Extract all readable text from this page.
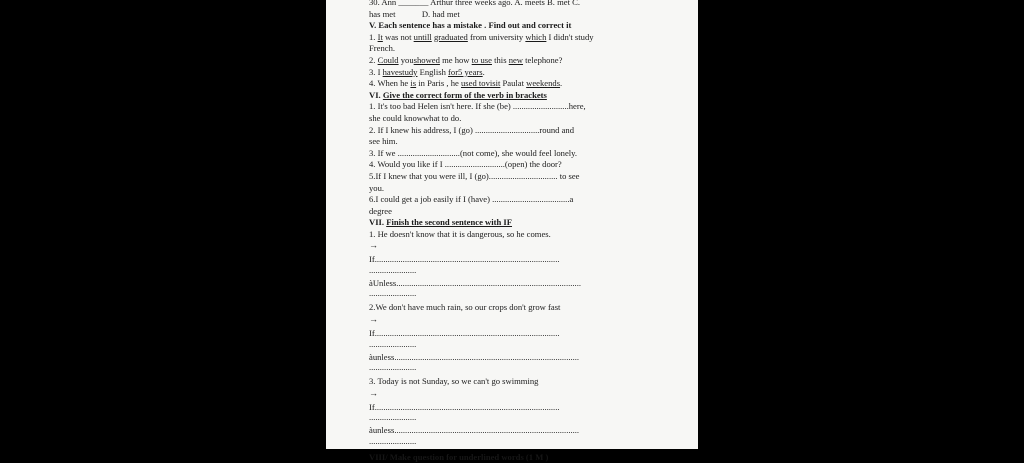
30. Ann _______ Arthur three weeks ago. A. meets B. met C.
has met	D. had met
V. Each sentence has a mistake . Find out and correct it
1. It was not untill graduated from university which I didn't study
French.
2. Could youshowed me how to use this new telephone?
3. I havestudy English for5 years.
4. When he is in Paris , he used tovisit Paulat weekends.
VI. Give the correct form of the verb in brackets
1. It's too bad Helen isn't here. If she (be) ..........................here,
she could knowwhat to do.
2. If I knew his address, I (go) ..............................round and
see him.
3. If we .............................(not come), she would feel lonely.
4. Would you like if I ............................(open) the door?
5.If I knew that you were ill, I (go)................................ to see
you.
6.I could get a job easily if I (have) ....................................a
degree
VII. Finish the second sentence with IF
1. He doesn't know that it is dangerous, so he comes.
→
If......................................................................................
......................
àUnless......................................................................................
......................
2.We don't have much rain, so our crops don't grow fast
→
If......................................................................................
......................
àunless......................................................................................
......................
3. Today is not Sunday, so we can't go swimming
→
If......................................................................................
......................
àunless......................................................................................
......................
VIII/ Make question for underlined words (1 M )
